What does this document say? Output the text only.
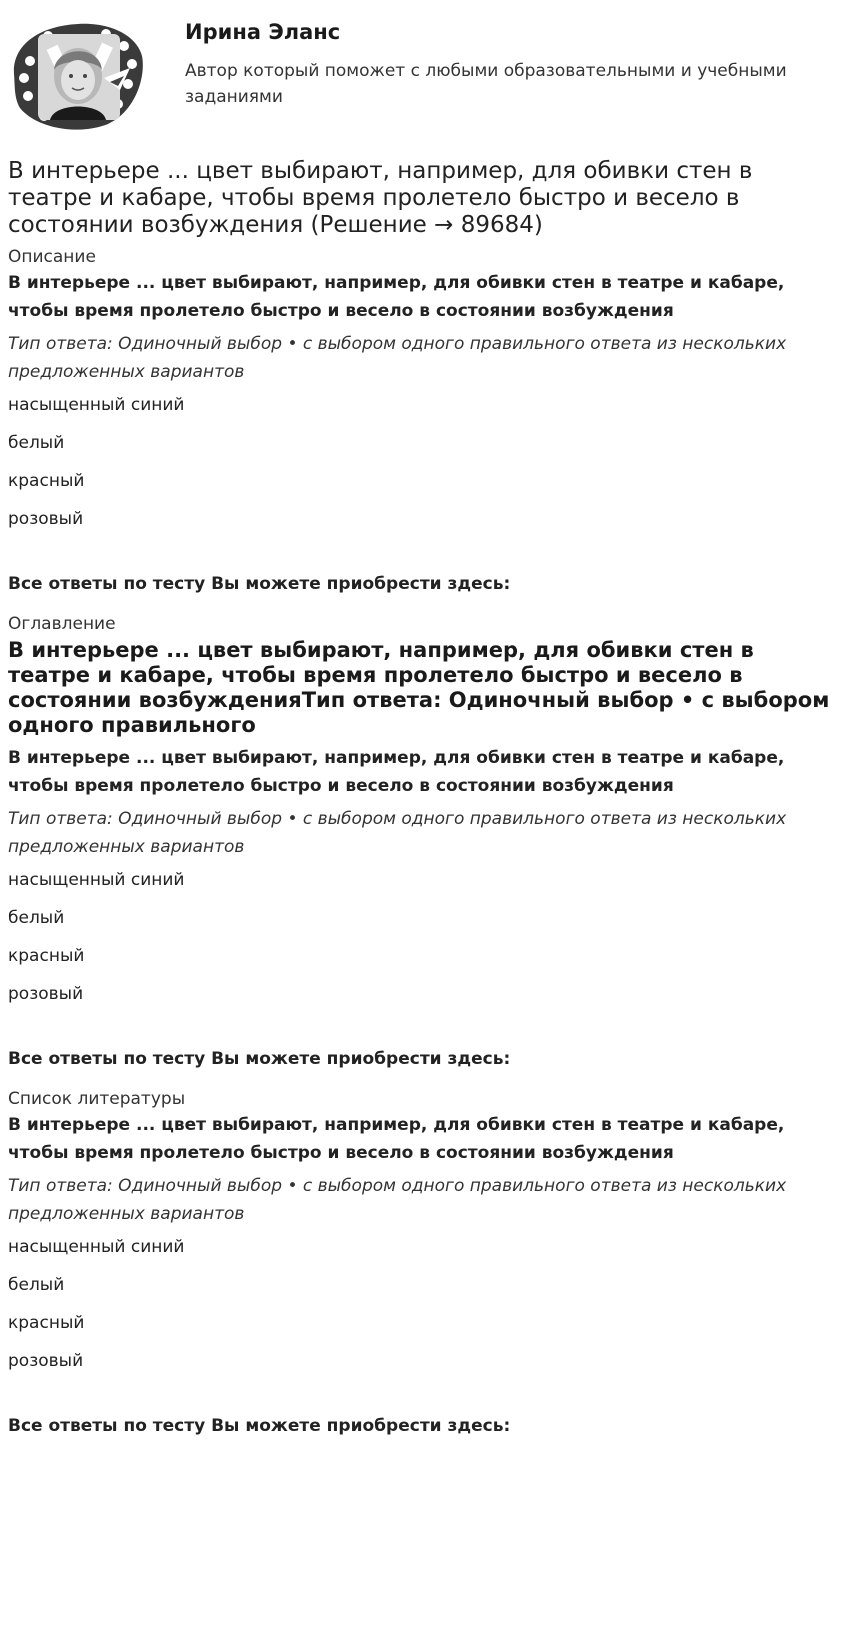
Ирина Эланс
Автор который поможет с любыми образовательными и учебными заданиями
В интерьере ... цвет выбирают, например, для обивки стен в театре и кабаре, чтобы время пролетело быстро и весело в состоянии возбуждения (Решение → 89684)

Описание

В интерьере ... цвет выбирают, например, для обивки стен в театре и кабаре, чтобы время пролетело быстро и весело в состоянии возбуждения

Тип ответа: Одиночный выбор • с выбором одного правильного ответа из нескольких предложенных вариантов

насыщенный синий

белый

красный

розовый

Все ответы по тесту Вы можете приобрести здесь:

Оглавление

В интерьере ... цвет выбирают, например, для обивки стен в театре и кабаре, чтобы время пролетело быстро и весело в состоянии возбужденияТип ответа: Одиночный выбор • с выбором одного правильного

В интерьере ... цвет выбирают, например, для обивки стен в театре и кабаре, чтобы время пролетело быстро и весело в состоянии возбуждения

Тип ответа: Одиночный выбор • с выбором одного правильного ответа из нескольких предложенных вариантов

насыщенный синий

белый

красный

розовый

Все ответы по тесту Вы можете приобрести здесь:

Список литературы

В интерьере ... цвет выбирают, например, для обивки стен в театре и кабаре, чтобы время пролетело быстро и весело в состоянии возбуждения

Тип ответа: Одиночный выбор • с выбором одного правильного ответа из нескольких предложенных вариантов

насыщенный синий

белый

красный

розовый

Все ответы по тесту Вы можете приобрести здесь:
